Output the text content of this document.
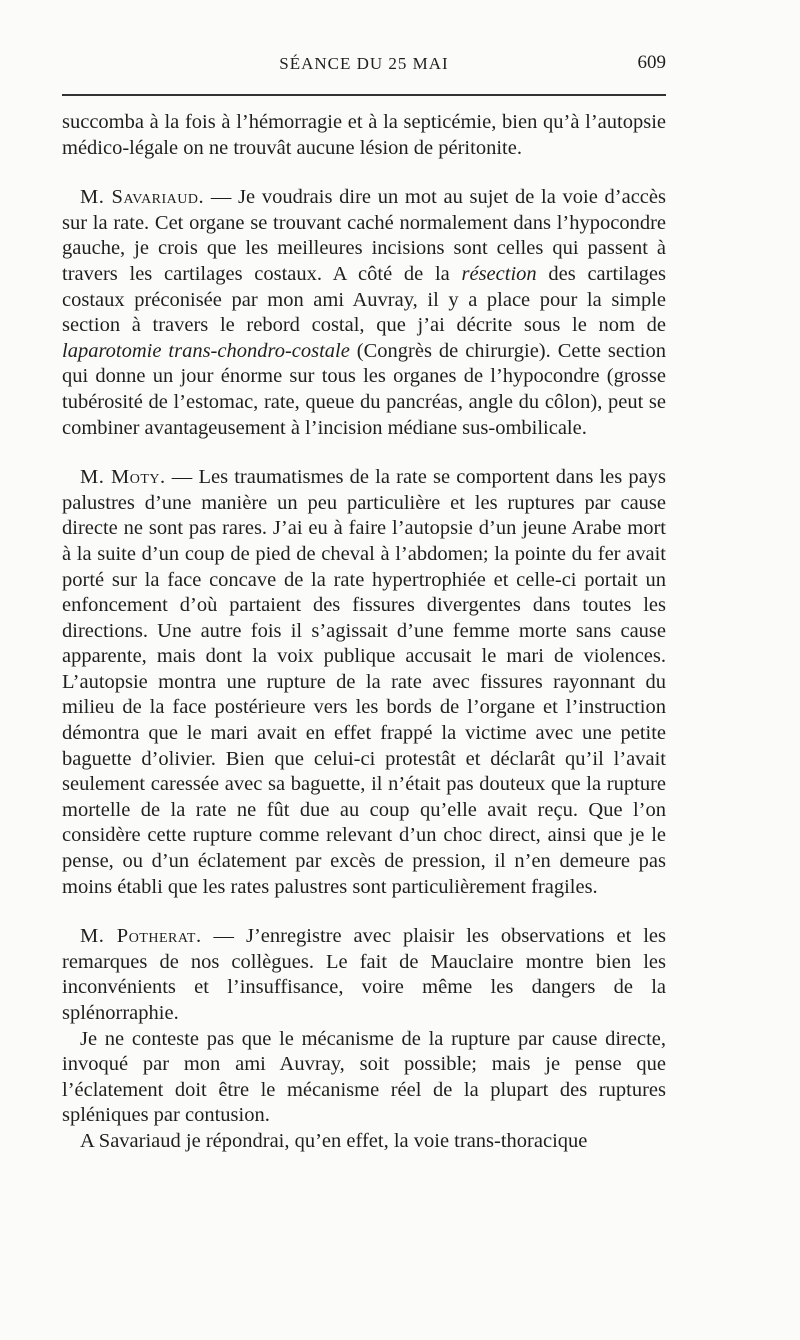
SÉANCE DU 25 MAI	609

succomba à la fois à l’hémorragie et à la septicémie, bien qu’à l’autopsie médico-légale on ne trouvât aucune lésion de péritonite.

M. Savariaud. — Je voudrais dire un mot au sujet de la voie d’accès sur la rate. Cet organe se trouvant caché normalement dans l’hypocondre gauche, je crois que les meilleures incisions sont celles qui passent à travers les cartilages costaux. A côté de la résection des cartilages costaux préconisée par mon ami Auvray, il y a place pour la simple section à travers le rebord costal, que j’ai décrite sous le nom de laparotomie trans-chondro-costale (Congrès de chirurgie). Cette section qui donne un jour énorme sur tous les organes de l’hypocondre (grosse tubérosité de l’estomac, rate, queue du pancréas, angle du côlon), peut se combiner avantageusement à l’incision médiane sus-ombilicale.

M. Moty. — Les traumatismes de la rate se comportent dans les pays palustres d’une manière un peu particulière et les ruptures par cause directe ne sont pas rares. J’ai eu à faire l’autopsie d’un jeune Arabe mort à la suite d’un coup de pied de cheval à l’abdomen; la pointe du fer avait porté sur la face concave de la rate hypertrophiée et celle-ci portait un enfoncement d’où partaient des fissures divergentes dans toutes les directions. Une autre fois il s’agissait d’une femme morte sans cause apparente, mais dont la voix publique accusait le mari de violences. L’autopsie montra une rupture de la rate avec fissures rayonnant du milieu de la face postérieure vers les bords de l’organe et l’instruction démontra que le mari avait en effet frappé la victime avec une petite baguette d’olivier. Bien que celui-ci protestât et déclarât qu’il l’avait seulement caressée avec sa baguette, il n’était pas douteux que la rupture mortelle de la rate ne fût due au coup qu’elle avait reçu. Que l’on considère cette rupture comme relevant d’un choc direct, ainsi que je le pense, ou d’un éclatement par excès de pression, il n’en demeure pas moins établi que les rates palustres sont particulièrement fragiles.

M. Potherat. — J’enregistre avec plaisir les observations et les remarques de nos collègues. Le fait de Mauclaire montre bien les inconvénients et l’insuffisance, voire même les dangers de la splénorraphie.

Je ne conteste pas que le mécanisme de la rupture par cause directe, invoqué par mon ami Auvray, soit possible; mais je pense que l’éclatement doit être le mécanisme réel de la plupart des ruptures spléniques par contusion.

A Savariaud je répondrai, qu’en effet, la voie trans-thoracique
